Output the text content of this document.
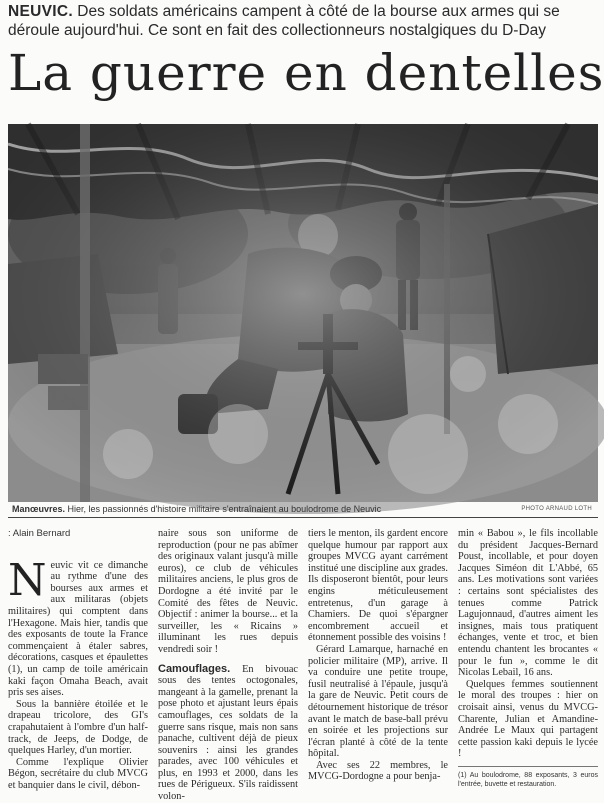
NEUVIC. Des soldats américains campent à côté de la bourse aux armes qui se déroule aujourd'hui. Ce sont en fait des collectionneurs nostalgiques du D-Day
La guerre en dentelles
Manœuvres. Hier, les passionnés d'histoire militaire s'entraînaient au boulodrome de Neuvic	PHOTO ARNAUD LOTH
: Alain Bernard

Neuvic vit ce dimanche au rythme d'une des bourses aux armes et aux militaras (objets militaires) qui comptent dans l'Hexagone. Mais hier, tandis que des exposants de toute la France commençaient à étaler sabres, décorations, casques et épaulettes (1), un camp de toile américain kaki façon Omaha Beach, avait pris ses aises.

Sous la bannière étoilée et le drapeau tricolore, des GI's crapahutaient à l'ombre d'un half-track, de Jeeps, de Dodge, de quelques Harley, d'un mortier.

Comme l'explique Olivier Bégon, secrétaire du club MVCG et banquier dans le civil, débon-

naire sous son uniforme de reproduction (pour ne pas abîmer des originaux valant jusqu'à mille euros), ce club de véhicules militaires anciens, le plus gros de Dordogne a été invité par le Comité des fêtes de Neuvic. Objectif : animer la bourse... et la surveiller, les « Ricains » illuminant les rues depuis vendredi soir !

Camouflages. En bivouac sous des tentes octogonales, mangeant à la gamelle, prenant la pose photo et ajustant leurs épais camouflages, ces soldats de la guerre sans risque, mais non sans panache, cultivent déjà de pieux souvenirs : ainsi les grandes parades, avec 100 véhicules et plus, en 1993 et 2000, dans les rues de Périgueux. S'ils raidissent volon-

tiers le menton, ils gardent encore quelque humour par rapport aux groupes MVCG ayant carrément institué une discipline aux grades. Ils disposeront bientôt, pour leurs engins méticuleusement entretenus, d'un garage à Chamiers. De quoi s'épargner encombrement accueil et étonnement possible des voisins !

Gérard Lamarque, harnaché en policier militaire (MP), arrive. Il va conduire une petite troupe, fusil neutralisé à l'épaule, jusqu'à la gare de Neuvic. Petit cours de détournement historique de trésor avant le match de base-ball prévu en soirée et les projections sur l'écran planté à côté de la tente hôpital.

Avec ses 22 membres, le MVCG-Dordogne a pour benja-

min « Babou », le fils incollable du président Jacques-Bernard Poust, incollable, et pour doyen Jacques Siméon dit L'Abbé, 65 ans. Les motivations sont variées : certains sont spécialistes des tenues comme Patrick Lagujonnaud, d'autres aiment les insignes, mais tous pratiquent échanges, vente et troc, et bien entendu chantent les brocantes « pour le fun », comme le dit Nicolas Lebail, 16 ans.

Quelques femmes soutiennent le moral des troupes : hier on croisait ainsi, venus du MVCG-Charente, Julian et Amandine-Andrée Le Maux qui partagent cette passion kaki depuis le lycée !

(1) Au boulodrome, 88 exposants, 3 euros l'entrée, buvette et restauration.
